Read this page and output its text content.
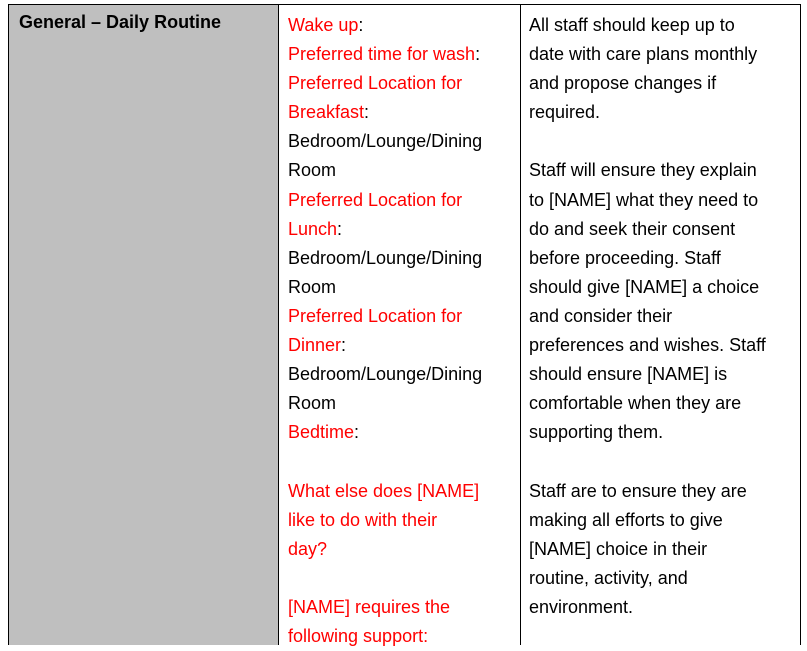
General – Daily Routine	Wake up:
Preferred time for wash:
Preferred Location for
Breakfast:
Bedroom/Lounge/Dining
Room
Preferred Location for
Lunch:
Bedroom/Lounge/Dining
Room
Preferred Location for
Dinner:
Bedroom/Lounge/Dining
Room
Bedtime:
What else does [NAME]
like to do with their
day?
[NAME] requires the
following support:
All staff should keep up to
date with care plans monthly
and propose changes if
required.
Staff will ensure they explain
to [NAME] what they need to
do and seek their consent
before proceeding. Staff
should give [NAME] a choice
and consider their
preferences and wishes. Staff
should ensure [NAME] is
comfortable when they are
supporting them.
Staff are to ensure they are
making all efforts to give
[NAME] choice in their
routine, activity, and
environment.
